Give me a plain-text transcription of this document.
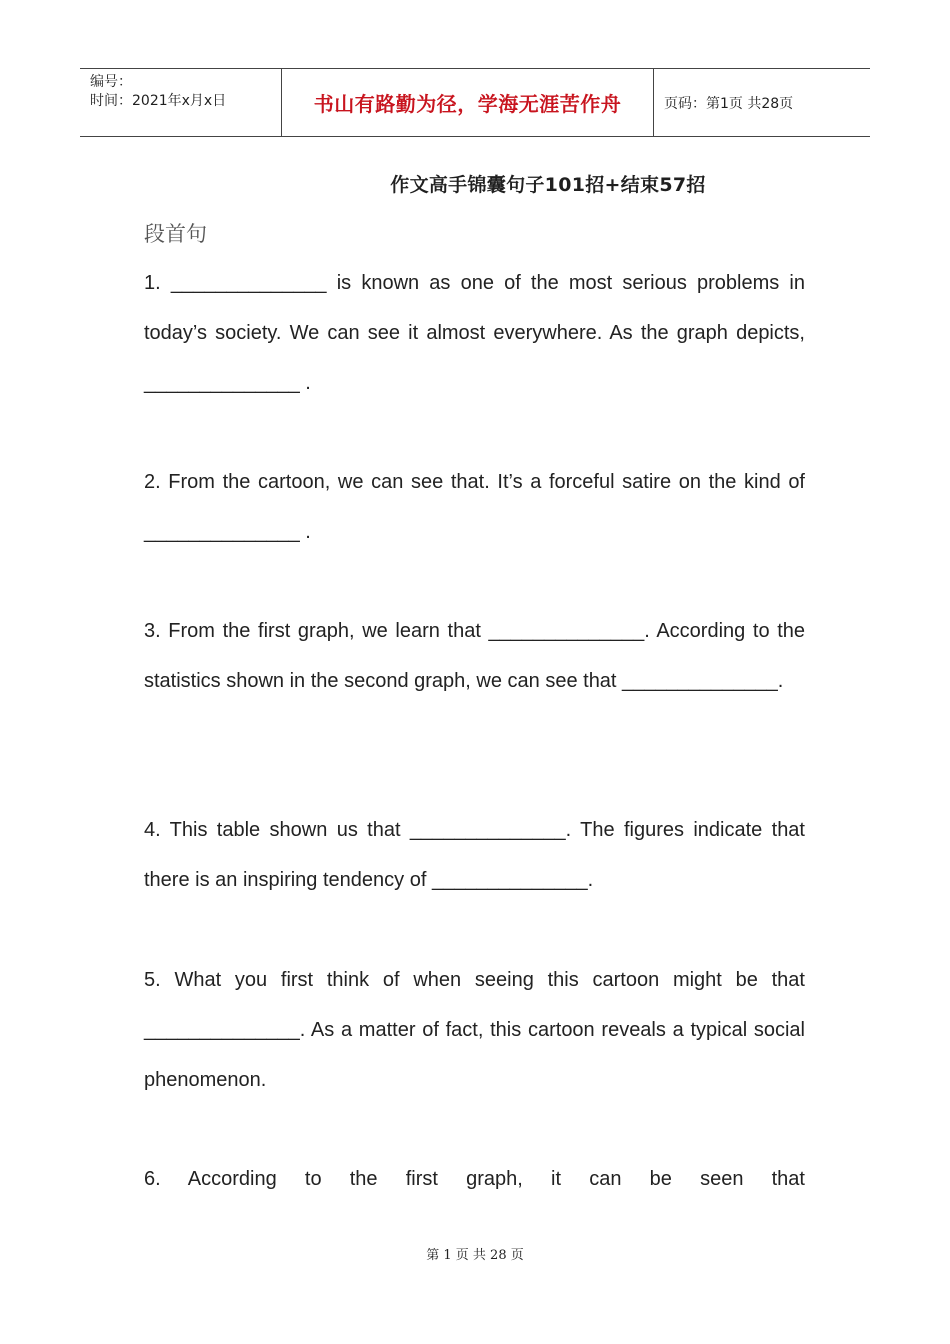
编号：
时间：2021年x月x日	书山有路勤为径，学海无涯苦作舟	页码：第1页 共28页
作文高手锦囊句子101招+结束57招
段首句
1. ______________ is known as one of the most serious problems in today’s society. We can see it almost everywhere. As the graph depicts, ______________ .
2. From the cartoon, we can see that. It’s a forceful satire on the kind of ______________ .
3. From the first graph, we learn that ______________. According to the statistics shown in the second graph, we can see that ______________.
4. This table shown us that ______________. The figures indicate that there is an inspiring tendency of ______________.
5. What you first think of when seeing this cartoon might be that ______________. As a matter of fact, this cartoon reveals a typical social phenomenon.
6. According to the first graph, it can be seen that
第 1 页 共 28 页
